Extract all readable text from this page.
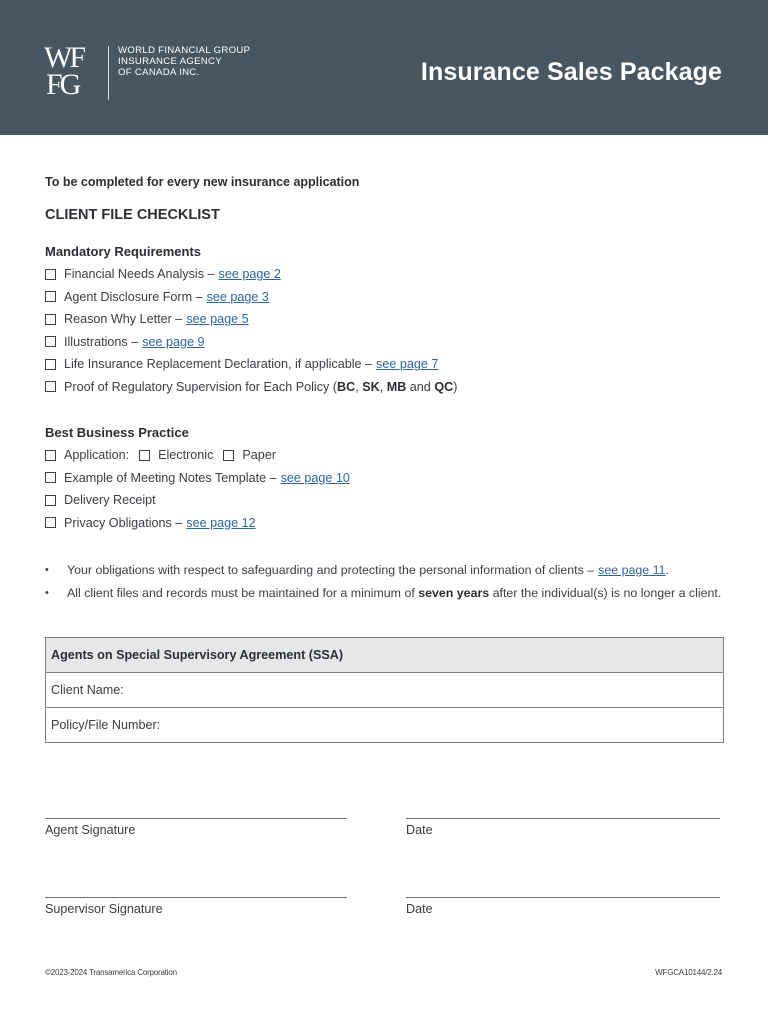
WF
FG
WORLD FINANCIAL GROUP
INSURANCE AGENCY
OF CANADA INC.	Insurance Sales Package
To be completed for every new insurance application
CLIENT FILE CHECKLIST
Mandatory Requirements
Financial Needs Analysis – see page 2
Agent Disclosure Form – see page 3
Reason Why Letter – see page 5
Illustrations – see page 9
Life Insurance Replacement Declaration, if applicable – see page 7
Proof of Regulatory Supervision for Each Policy ( BC , SK , MB and QC )
Best Business Practice
Application: Electronic Paper
Example of Meeting Notes Template – see page 10
Delivery Receipt
Privacy Obligations – see page 12
•	Your obligations with respect to safeguarding and protecting the personal information of clients – see page 11 .
•	All client files and records must be maintained for a minimum of seven years after the individual(s) is no longer a client.
Agents on Special Supervisory Agreement (SSA)
Client Name:
Policy/File Number:
Agent Signature	Date
Supervisor Signature	Date
©2023-2024 Transamerica Corporation	WFGCA10144/2.24
